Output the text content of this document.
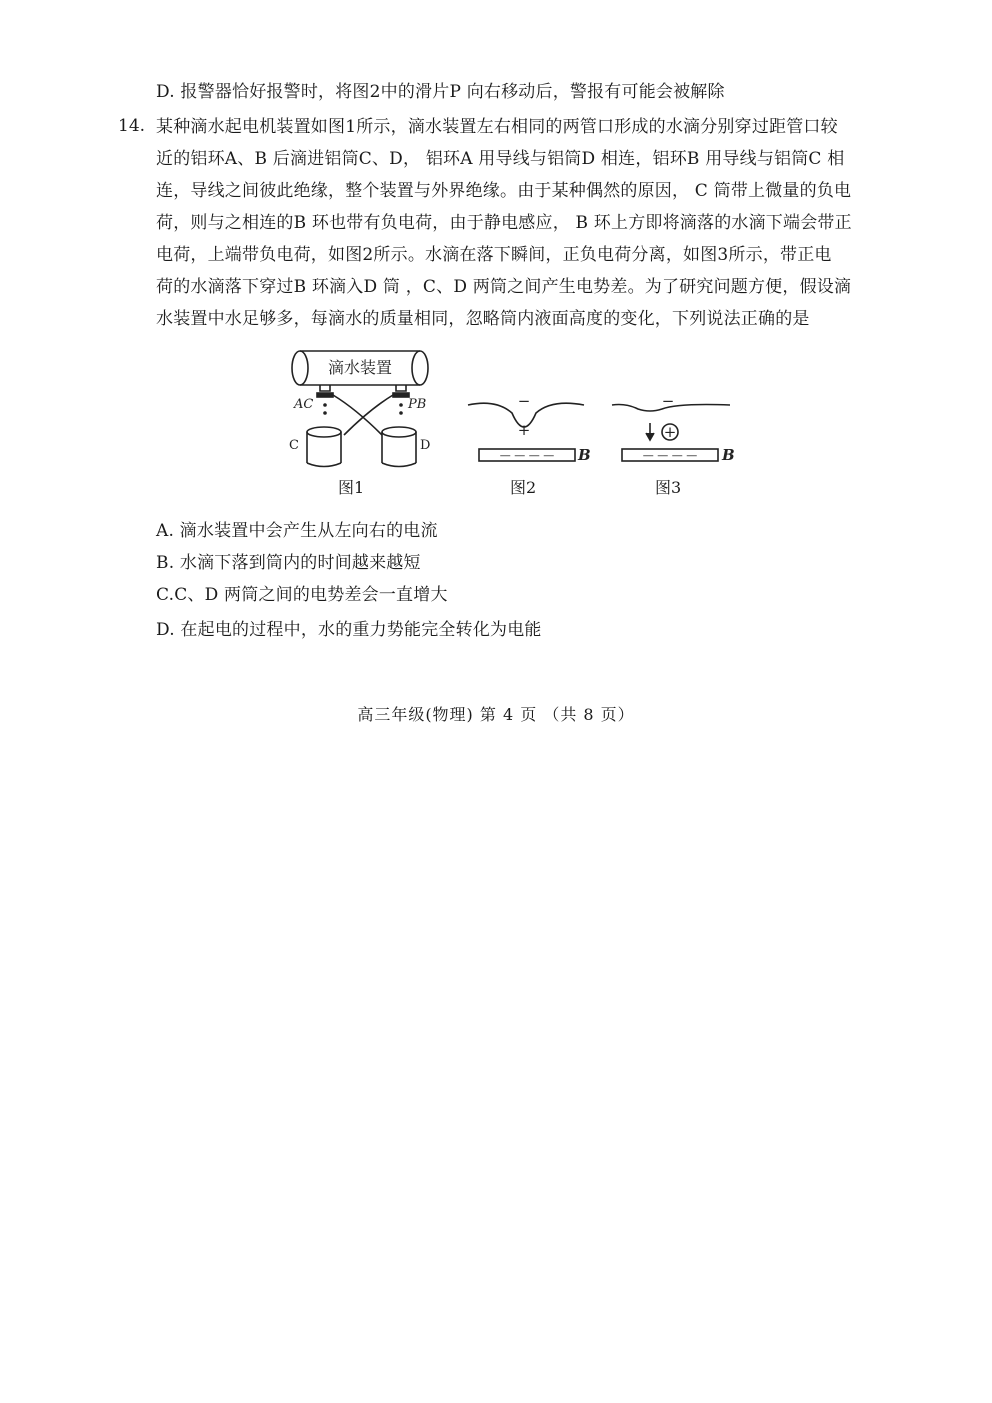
D. 报警器恰好报警时，将图2中的滑片P 向右移动后，警报有可能会被解除
14. 某种滴水起电机装置如图1所示，滴水装置左右相同的两管口形成的水滴分别穿过距管口较
近的铝环A、B 后滴进铝筒C、D， 铝环A 用导线与铝筒D 相连，铝环B 用导线与铝筒C 相
连，导线之间彼此绝缘，整个装置与外界绝缘。由于某种偶然的原因， C 筒带上微量的负电
荷，则与之相连的B 环也带有负电荷，由于静电感应， B 环上方即将滴落的水滴下端会带正
电荷，上端带负电荷，如图2所示。水滴在落下瞬间，正负电荷分离，如图3所示，带正电
荷的水滴落下穿过B 环滴入D 筒 ，C、D 两筒之间产生电势差。为了研究问题方便，假设滴
水装置中水足够多，每滴水的质量相同，忽略筒内液面高度的变化，下列说法正确的是
滴水装置
AC	PB
C	D
−
+
— — — — B
−
+
— — — — B
图1	图2	图3
A. 滴水装置中会产生从左向右的电流
B. 水滴下落到筒内的时间越来越短
C.C、D 两筒之间的电势差会一直增大
D. 在起电的过程中，水的重力势能完全转化为电能
高三年级(物理) 第 4 页 （共 8 页）
